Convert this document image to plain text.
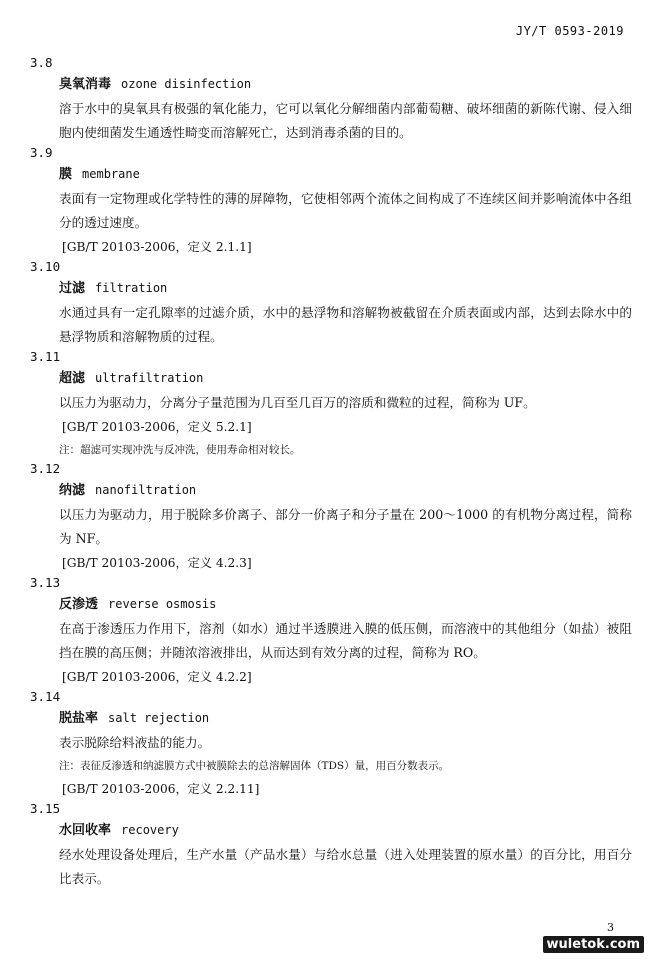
JY/T 0593-2019
3.8
臭氧消毒 ozone disinfection

溶于水中的臭氧具有极强的氧化能力，它可以氧化分解细菌内部葡萄糖、破坏细菌的新陈代谢、侵入细胞内使细菌发生通透性畸变而溶解死亡，达到消毒杀菌的目的。

3.9
膜 membrane

表面有一定物理或化学特性的薄的屏障物，它使相邻两个流体之间构成了不连续区间并影响流体中各组分的透过速度。

[GB/T 20103-2006，定义 2.1.1]
3.10
过滤 filtration

水通过具有一定孔隙率的过滤介质，水中的悬浮物和溶解物被截留在介质表面或内部，达到去除水中的悬浮物质和溶解物质的过程。

3.11
超滤 ultrafiltration

以压力为驱动力，分离分子量范围为几百至几百万的溶质和微粒的过程，简称为 UF。

[GB/T 20103-2006，定义 5.2.1]
注：超滤可实现冲洗与反冲洗，使用寿命相对较长。
3.12
纳滤 nanofiltration

以压力为驱动力，用于脱除多价离子、部分一价离子和分子量在 200～1000 的有机物分离过程，简称为 NF。

[GB/T 20103-2006，定义 4.2.3]
3.13
反渗透 reverse osmosis

在高于渗透压力作用下，溶剂（如水）通过半透膜进入膜的低压侧，而溶液中的其他组分（如盐）被阻挡在膜的高压侧；并随浓溶液排出，从而达到有效分离的过程，简称为 RO。

[GB/T 20103-2006，定义 4.2.2]
3.14
脱盐率 salt rejection

表示脱除给料液盐的能力。

注：表征反渗透和纳滤膜方式中被膜除去的总溶解固体（TDS）量，用百分数表示。
[GB/T 20103-2006，定义 2.2.11]
3.15
水回收率 recovery

经水处理设备处理后，生产水量（产品水量）与给水总量（进入处理装置的原水量）的百分比，用百分比表示。

3
wuletok.com
